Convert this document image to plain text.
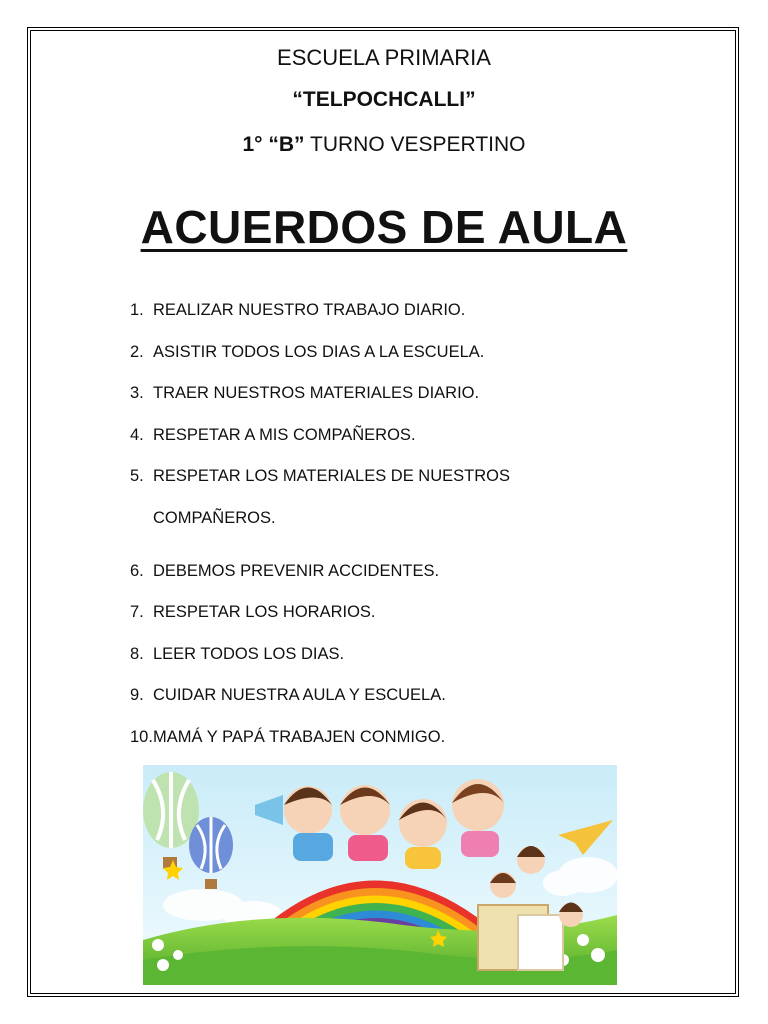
ESCUELA PRIMARIA
“TELPOCHCALLI”
1° “B” TURNO VESPERTINO
ACUERDOS DE AULA
1. REALIZAR NUESTRO TRABAJO DIARIO.
2. ASISTIR TODOS LOS DIAS A LA ESCUELA.
3. TRAER NUESTROS MATERIALES DIARIO.
4. RESPETAR A MIS COMPAÑEROS.
5. RESPETAR LOS MATERIALES DE NUESTROS COMPAÑEROS.
6. DEBEMOS PREVENIR ACCIDENTES.
7. RESPETAR LOS HORARIOS.
8. LEER TODOS LOS DIAS.
9. CUIDAR NUESTRA AULA Y ESCUELA.
10. MAMÁ Y PAPÁ TRABAJEN CONMIGO.
